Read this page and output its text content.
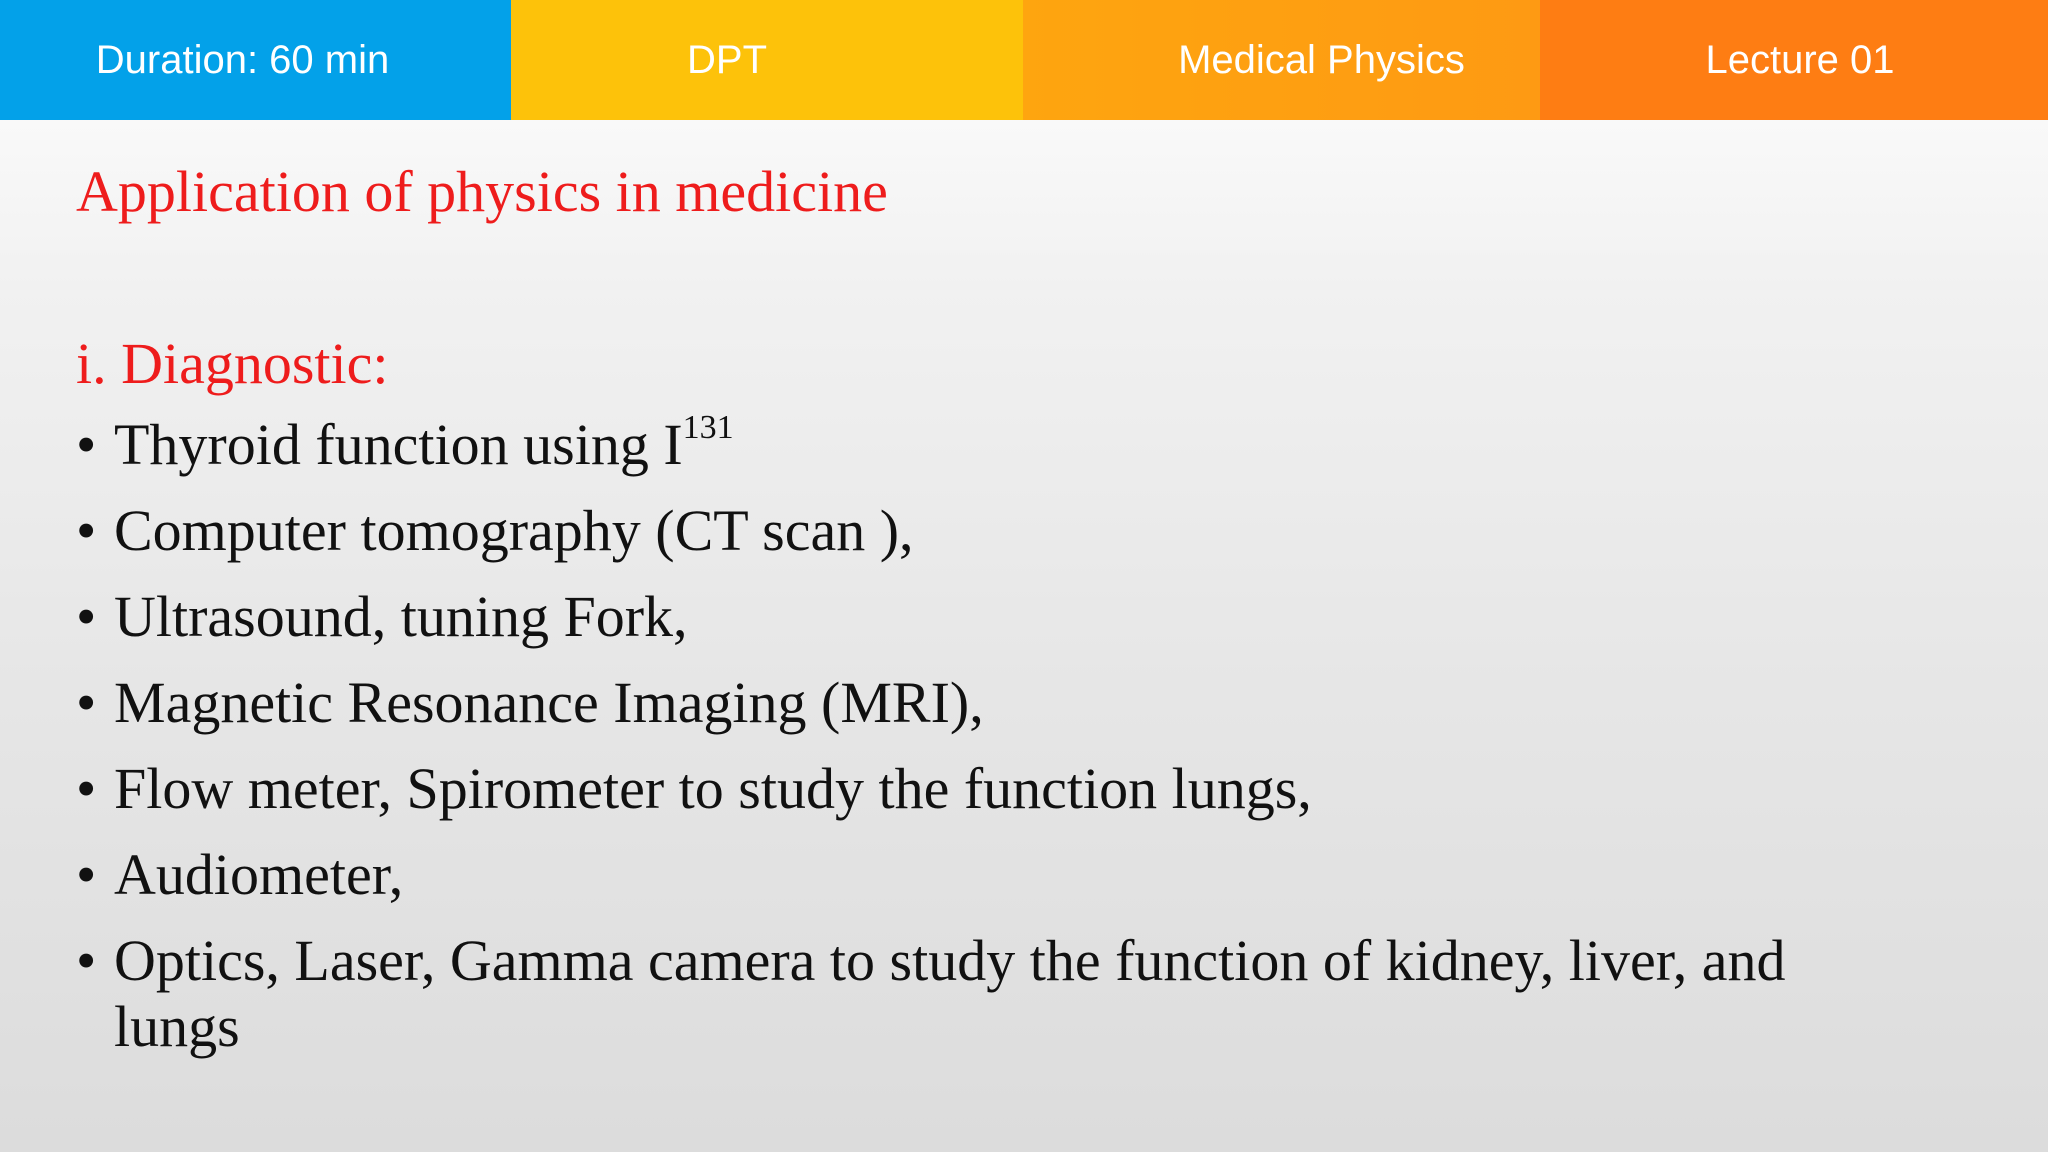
Duration: 60 min	DPT	Medical Physics	Lecture 01
Application of physics in medicine
i. Diagnostic:
• Thyroid function using $I^{131}$
• Computer tomography (CT scan ),
• Ultrasound, tuning Fork,
• Magnetic Resonance Imaging (MRI),
• Flow meter, Spirometer to study the function lungs,
• Audiometer,
• Optics, Laser, Gamma camera to study the function of kidney, liver, and lungs
